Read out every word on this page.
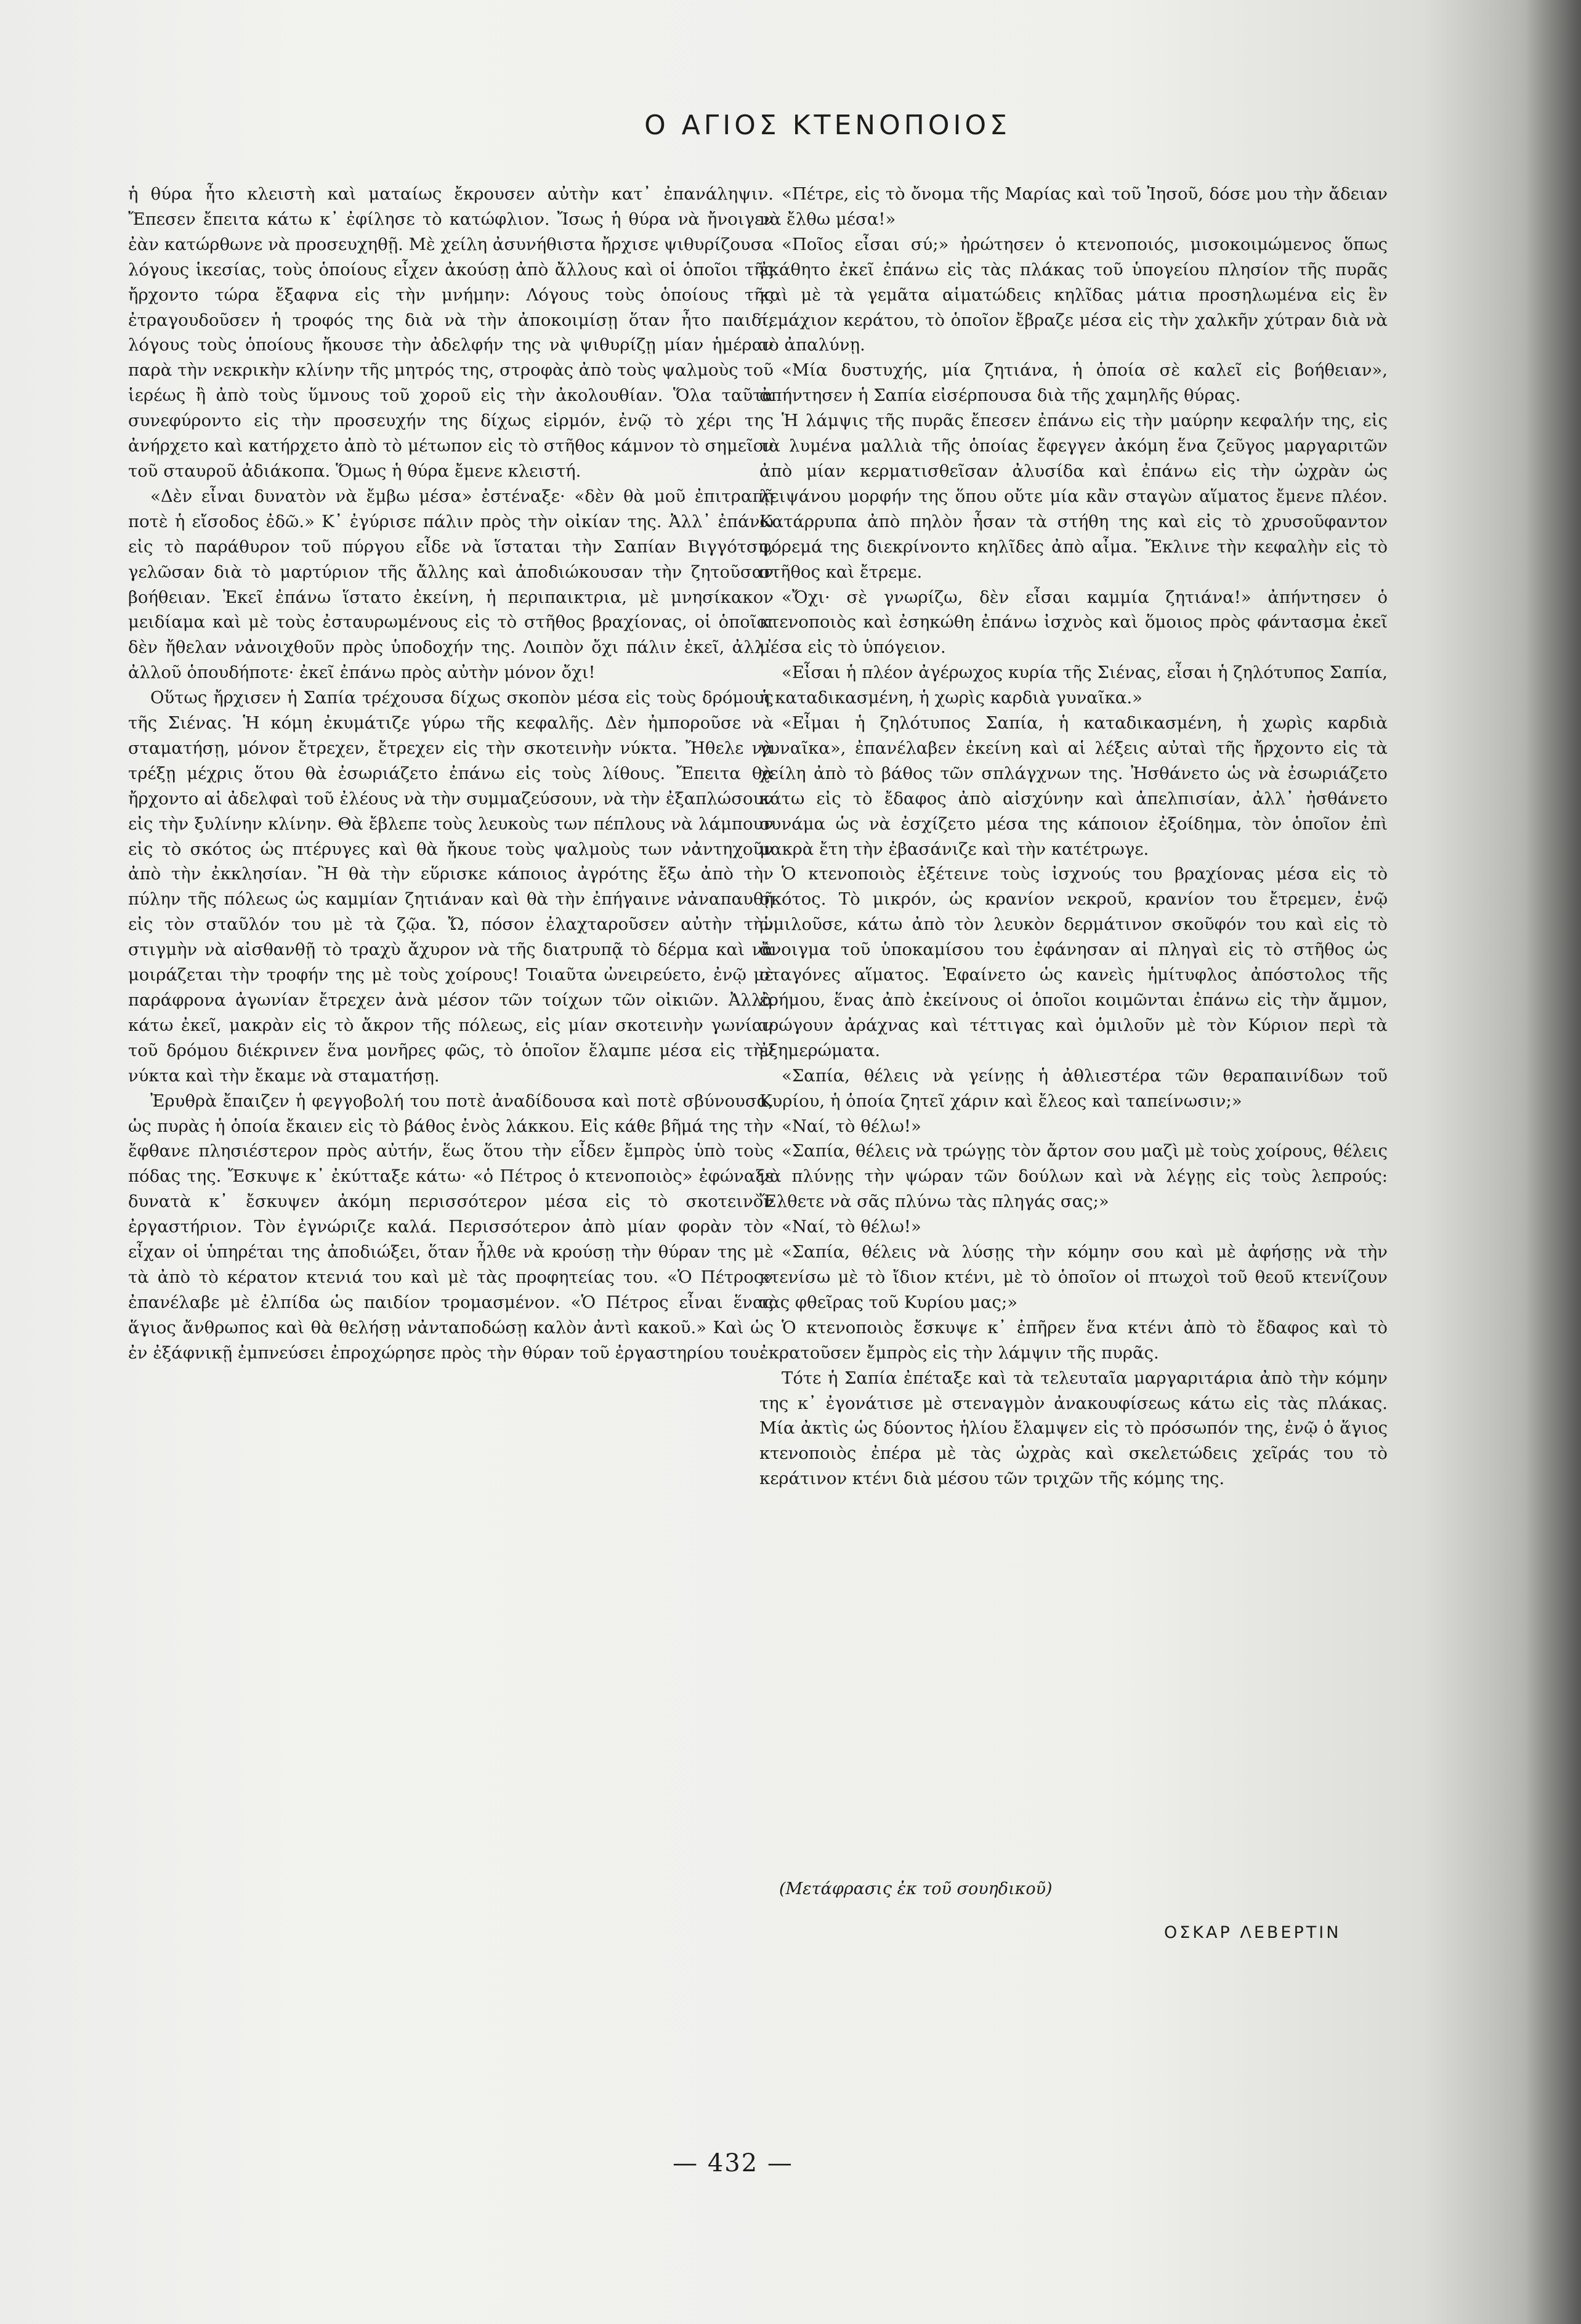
Ο ΑΓΙΟΣ ΚΤΕΝΟΠΟΙΟΣ

ἡ θύρα ἦτο κλειστὴ καὶ ματαίως ἔκρουσεν αὐτὴν κατ᾿ ἐπανάληψιν. Ἔπεσεν ἔπειτα κάτω κ᾿ ἐφίλησε τὸ κατώφλιον. Ἴσως ἡ θύρα νὰ ἤνοιγεν ἐὰν κατώρθωνε νὰ προσευχηθῇ. Μὲ χείλη ἀσυνήθιστα ἤρχισε ψιθυρίζουσα λόγους ἱκεσίας, τοὺς ὁποίους εἶχεν ἀκούσῃ ἀπὸ ἄλλους καὶ οἱ ὁποῖοι τῆς ἤρχοντο τώρα ἔξαφνα εἰς τὴν μνήμην: Λόγους τοὺς ὁποίους τῆς ἐτραγουδοῦσεν ἡ τροφός της διὰ νὰ τὴν ἀποκοιμίσῃ ὅταν ἦτο παιδί, λόγους τοὺς ὁποίους ἤκουσε τὴν ἀδελφήν της νὰ ψιθυρίζῃ μίαν ἡμέραν παρὰ τὴν νεκρικὴν κλίνην τῆς μητρός της, στροφὰς ἀπὸ τοὺς ψαλμοὺς τοῦ ἱερέως ἢ ἀπὸ τοὺς ὕμνους τοῦ χοροῦ εἰς τὴν ἀκολουθίαν. Ὅλα ταῦτα συνεφύροντο εἰς τὴν προσευχήν της δίχως εἱρμόν, ἐνῷ τὸ χέρι της ἀνήρχετο καὶ κατήρχετο ἀπὸ τὸ μέτωπον εἰς τὸ στῆθος κάμνον τὸ σημεῖον τοῦ σταυροῦ ἀδιάκοπα. Ὅμως ἡ θύρα ἔμενε κλειστή.

«Δὲν εἶναι δυνατὸν νὰ ἔμβω μέσα» ἐστέναξε· «δὲν θὰ μοῦ ἐπιτραπῇ ποτὲ ἡ εἴσοδος ἐδῶ.» Κ᾿ ἐγύρισε πάλιν πρὸς τὴν οἰκίαν της. Ἀλλ᾿ ἐπάνω εἰς τὸ παράθυρον τοῦ πύργου εἶδε νὰ ἵσταται τὴν Σαπίαν Βιγγότση, γελῶσαν διὰ τὸ μαρτύριον τῆς ἄλλης καὶ ἀποδιώκουσαν τὴν ζητοῦσαν βοήθειαν. Ἐκεῖ ἐπάνω ἵστατο ἐκείνη, ἡ περιπαικτρια, μὲ μνησίκακον μειδίαμα καὶ μὲ τοὺς ἐσταυρωμένους εἰς τὸ στῆθος βραχίονας, οἱ ὁποῖοι δὲν ἤθελαν νἀνοιχθοῦν πρὸς ὑποδοχήν της. Λοιπὸν ὄχι πάλιν ἐκεῖ, ἀλλ᾿ ἀλλοῦ ὁπουδήποτε· ἐκεῖ ἐπάνω πρὸς αὐτὴν μόνον ὄχι!

Οὕτως ἤρχισεν ἡ Σαπία τρέχουσα δίχως σκοπὸν μέσα εἰς τοὺς δρόμους τῆς Σιένας. Ἡ κόμη ἐκυμάτιζε γύρω τῆς κεφαλῆς. Δὲν ἠμποροῦσε νὰ σταματήσῃ, μόνον ἔτρεχεν, ἔτρεχεν εἰς τὴν σκοτεινὴν νύκτα. Ἤθελε νὰ τρέξῃ μέχρις ὅτου θὰ ἐσωριάζετο ἐπάνω εἰς τοὺς λίθους. Ἔπειτα θὰ ἤρχοντο αἱ ἀδελφαὶ τοῦ ἐλέους νὰ τὴν συμμαζεύσουν, νὰ τὴν ἐξαπλώσουν εἰς τὴν ξυλίνην κλίνην. Θὰ ἔβλεπε τοὺς λευκοὺς των πέπλους νὰ λάμπουν εἰς τὸ σκότος ὡς πτέρυγες καὶ θὰ ἤκουε τοὺς ψαλμοὺς των νἀντηχοῦν ἀπὸ τὴν ἐκκλησίαν. Ἢ θὰ τὴν εὕρισκε κάποιος ἀγρότης ἔξω ἀπὸ τὴν πύλην τῆς πόλεως ὡς καμμίαν ζητιάναν καὶ θὰ τὴν ἐπήγαινε νἀναπαυθῇ εἰς τὸν σταῦλόν του μὲ τὰ ζῷα. Ὤ, πόσον ἐλαχταροῦσεν αὐτὴν τὴν στιγμὴν νὰ αἰσθανθῇ τὸ τραχὺ ἄχυρον νὰ τῆς διατρυπᾷ τὸ δέρμα καὶ νὰ μοιράζεται τὴν τροφήν της μὲ τοὺς χοίρους! Τοιαῦτα ὠνειρεύετο, ἐνῷ μὲ παράφρονα ἀγωνίαν ἔτρεχεν ἀνὰ μέσον τῶν τοίχων τῶν οἰκιῶν. Ἀλλὰ κάτω ἐκεῖ, μακρὰν εἰς τὸ ἄκρον τῆς πόλεως, εἰς μίαν σκοτεινὴν γωνίαν τοῦ δρόμου διέκρινεν ἕνα μονῆρες φῶς, τὸ ὁποῖον ἔλαμπε μέσα εἰς τὴν νύκτα καὶ τὴν ἔκαμε νὰ σταματήσῃ.

Ἐρυθρὰ ἔπαιζεν ἡ φεγγοβολή του ποτὲ ἀναδίδουσα καὶ ποτὲ σβύνουσα, ὡς πυρὰς ἡ ὁποία ἔκαιεν εἰς τὸ βάθος ἑνὸς λάκκου. Εἰς κάθε βῆμά της τὴν ἔφθανε πλησιέστερον πρὸς αὐτήν, ἕως ὅτου τὴν εἶδεν ἔμπρὸς ὑπὸ τοὺς πόδας της. Ἔσκυψε κ᾿ ἐκύτταξε κάτω· «ὁ Πέτρος ὁ κτενοποιὸς» ἐφώναξε δυνατὰ κ᾿ ἔσκυψεν ἀκόμη περισσότερον μέσα εἰς τὸ σκοτεινὸν ἐργαστήριον. Τὸν ἐγνώριζε καλά. Περισσότερον ἀπὸ μίαν φορὰν τὸν εἶχαν οἱ ὑπηρέται της ἀποδιώξει, ὅταν ἦλθε νὰ κρούσῃ τὴν θύραν της μὲ τὰ ἀπὸ τὸ κέρατον κτενιά του καὶ μὲ τὰς προφητείας του. «Ὁ Πέτρος» ἐπανέλαβε μὲ ἐλπίδα ὡς παιδίον τρομασμένον. «Ὁ Πέτρος εἶναι ἕνας ἅγιος ἄνθρωπος καὶ θὰ θελήσῃ νἀνταποδώσῃ καλὸν ἀντὶ κακοῦ.» Καὶ ὡς ἐν ἐξάφνικῇ ἐμπνεύσει ἐπροχώρησε πρὸς τὴν θύραν τοῦ ἐργαστηρίου του.

«Πέτρε, εἰς τὸ ὄνομα τῆς Μαρίας καὶ τοῦ Ἰησοῦ, δόσε μου τὴν ἄδειαν νὰ ἔλθω μέσα!»

«Ποῖος εἶσαι σύ;» ἠρώτησεν ὁ κτενοποιός, μισοκοιμώμενος ὅπως ἐκάθητο ἐκεῖ ἐπάνω εἰς τὰς πλάκας τοῦ ὑπογείου πλησίον τῆς πυρᾶς καὶ μὲ τὰ γεμᾶτα αἱματώδεις κηλῖδας μάτια προσηλωμένα εἰς ἓν τεμάχιον κεράτου, τὸ ὁποῖον ἔβραζε μέσα εἰς τὴν χαλκῆν χύτραν διὰ νὰ τὸ ἀπαλύνῃ.

«Μία δυστυχής, μία ζητιάνα, ἡ ὁποία σὲ καλεῖ εἰς βοήθειαν», ἀπήντησεν ἡ Σαπία εἰσέρπουσα διὰ τῆς χαμηλῆς θύρας.

Ἡ λάμψις τῆς πυρᾶς ἔπεσεν ἐπάνω εἰς τὴν μαύρην κεφαλήν της, εἰς τὰ λυμένα μαλλιὰ τῆς ὁποίας ἔφεγγεν ἀκόμη ἕνα ζεῦγος μαργαριτῶν ἀπὸ μίαν κερματισθεῖσαν ἀλυσίδα καὶ ἐπάνω εἰς τὴν ὠχρὰν ὡς λειψάνου μορφήν της ὅπου οὔτε μία κἂν σταγὼν αἵματος ἔμενε πλέον. Κατάρρυπα ἀπὸ πηλὸν ἦσαν τὰ στήθη της καὶ εἰς τὸ χρυσοῦφαντον φόρεμά της διεκρίνοντο κηλῖδες ἀπὸ αἷμα. Ἔκλινε τὴν κεφαλὴν εἰς τὸ στῆθος καὶ ἔτρεμε.

«Ὄχι· σὲ γνωρίζω, δὲν εἶσαι καμμία ζητιάνα!» ἀπήντησεν ὁ κτενοποιὸς καὶ ἐσηκώθη ἐπάνω ἰσχνὸς καὶ ὅμοιος πρὸς φάντασμα ἐκεῖ μέσα εἰς τὸ ὑπόγειον.

«Εἶσαι ἡ πλέον ἀγέρωχος κυρία τῆς Σιένας, εἶσαι ἡ ζηλότυπος Σαπία, ἡ καταδικασμένη, ἡ χωρὶς καρδιὰ γυναῖκα.»

«Εἶμαι ἡ ζηλότυπος Σαπία, ἡ καταδικασμένη, ἡ χωρὶς καρδιὰ γυναῖκα», ἐπανέλαβεν ἐκείνη καὶ αἱ λέξεις αὐταὶ τῆς ἤρχοντο εἰς τὰ χείλη ἀπὸ τὸ βάθος τῶν σπλάγχνων της. Ἠσθάνετο ὡς νὰ ἐσωριάζετο κάτω εἰς τὸ ἔδαφος ἀπὸ αἰσχύνην καὶ ἀπελπισίαν, ἀλλ᾿ ἠσθάνετο συνάμα ὡς νὰ ἐσχίζετο μέσα της κάποιον ἐξοίδημα, τὸν ὁποῖον ἐπὶ μακρὰ ἔτη τὴν ἐβασάνιζε καὶ τὴν κατέτρωγε.

Ὁ κτενοποιὸς ἐξέτεινε τοὺς ἰσχνούς του βραχίονας μέσα εἰς τὸ σκότος. Τὸ μικρόν, ὡς κρανίον νεκροῦ, κρανίον του ἔτρεμεν, ἐνῷ ὡμιλοῦσε, κάτω ἀπὸ τὸν λευκὸν δερμάτινον σκοῦφόν του καὶ εἰς τὸ ἄνοιγμα τοῦ ὑποκαμίσου του ἐφάνησαν αἱ πληγαὶ εἰς τὸ στῆθος ὡς σταγόνες αἵματος. Ἐφαίνετο ὡς κανεὶς ἡμίτυφλος ἀπόστολος τῆς ἐρήμου, ἕνας ἀπὸ ἐκείνους οἱ ὁποῖοι κοιμῶνται ἐπάνω εἰς τὴν ἄμμον, τρώγουν ἀράχνας καὶ τέττιγας καὶ ὁμιλοῦν μὲ τὸν Κύριον περὶ τὰ ἐξημερώματα.

«Σαπία, θέλεις νὰ γείνῃς ἡ ἀθλιεστέρα τῶν θεραπαινίδων τοῦ Κυρίου, ἡ ὁποία ζητεῖ χάριν καὶ ἔλεος καὶ ταπείνωσιν;»

«Ναί, τὸ θέλω!»

«Σαπία, θέλεις νὰ τρώγῃς τὸν ἄρτον σου μαζὶ μὲ τοὺς χοίρους, θέλεις νὰ πλύνῃς τὴν ψώραν τῶν δούλων καὶ νὰ λέγῃς εἰς τοὺς λεπρούς: Ἔλθετε νὰ σᾶς πλύνω τὰς πληγάς σας;»

«Ναί, τὸ θέλω!»

«Σαπία, θέλεις νὰ λύσῃς τὴν κόμην σου καὶ μὲ ἀφήσῃς νὰ τὴν κτενίσω μὲ τὸ ἴδιον κτένι, μὲ τὸ ὁποῖον οἱ πτωχοὶ τοῦ θεοῦ κτενίζουν τὰς φθεῖρας τοῦ Κυρίου μας;»

Ὁ κτενοποιὸς ἔσκυψε κ᾿ ἐπῆρεν ἕνα κτένι ἀπὸ τὸ ἔδαφος καὶ τὸ ἐκρατοῦσεν ἔμπρὸς εἰς τὴν λάμψιν τῆς πυρᾶς.

Τότε ἡ Σαπία ἐπέταξε καὶ τὰ τελευταῖα μαργαριτάρια ἀπὸ τὴν κόμην της κ᾿ ἐγονάτισε μὲ στεναγμὸν ἀνακουφίσεως κάτω εἰς τὰς πλάκας. Μία ἀκτὶς ὡς δύοντος ἡλίου ἔλαμψεν εἰς τὸ πρόσωπόν της, ἐνῷ ὁ ἅγιος κτενοποιὸς ἐπέρα μὲ τὰς ὠχρὰς καὶ σκελετώδεις χεῖράς του τὸ κεράτινον κτένι διὰ μέσου τῶν τριχῶν τῆς κόμης της.

(Μετάφρασις ἐκ τοῦ σουηδικοῦ)
ΟΣΚΑΡ ΛΕΒΕΡΤΙΝ
— 432 —
